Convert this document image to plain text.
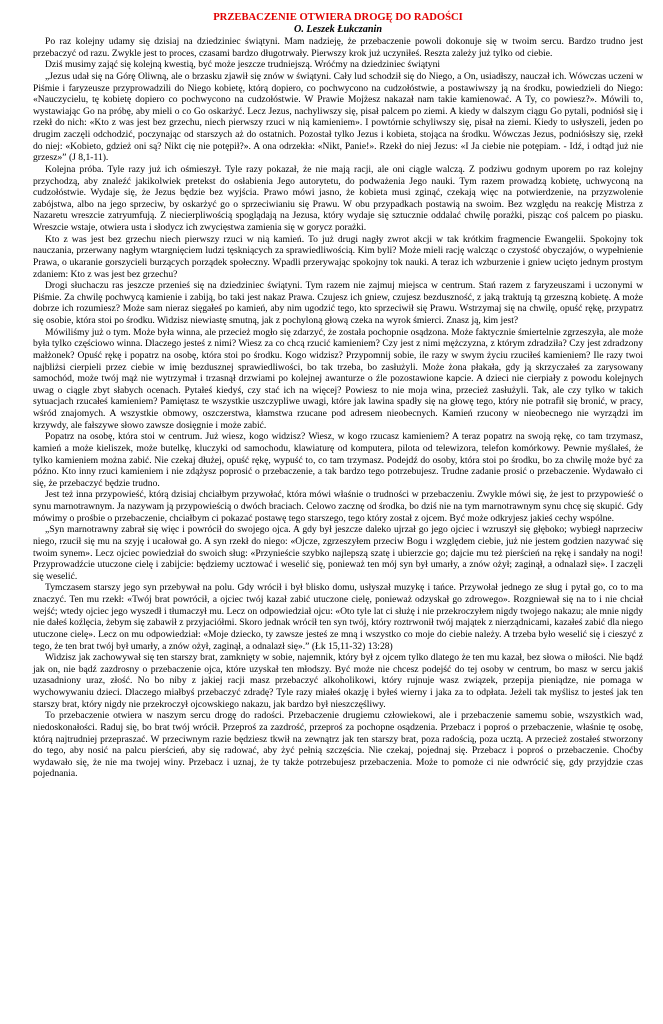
PRZEBACZENIE OTWIERA DROGĘ DO RADOŚCI
O. Leszek Łukczanin

Po raz kolejny udamy się dzisiaj na dziedziniec świątyni. Mam nadzieję, że przebaczenie powoli dokonuje się w twoim sercu. Bardzo trudno jest przebaczyć od razu. Zwykle jest to proces, czasami bardzo długotrwały. Pierwszy krok już uczyniłeś. Reszta zależy już tylko od ciebie.

Dziś musimy zająć się kolejną kwestią, być może jeszcze trudniejszą. Wróćmy na dziedziniec świątyni

„Jezus udał się na Górę Oliwną, ale o brzasku zjawił się znów w świątyni. Cały lud schodził się do Niego, a On, usiadłszy, nauczał ich. Wówczas uczeni w Piśmie i faryzeusze przyprowadzili do Niego kobietę, którą dopiero, co pochwycono na cudzołóstwie, a postawiwszy ją na środku, powiedzieli do Niego: «Nauczycielu, tę kobietę dopiero co pochwycono na cudzołóstwie. W Prawie Mojżesz nakazał nam takie kamienować. A Ty, co powiesz?». Mówili to, wystawiając Go na próbę, aby mieli o co Go oskarżyć. Lecz Jezus, nachyliwszy się, pisał palcem po ziemi. A kiedy w dalszym ciągu Go pytali, podniósł się i rzekł do nich: «Kto z was jest bez grzechu, niech pierwszy rzuci w nią kamieniem». I powtórnie schyliwszy się, pisał na ziemi. Kiedy to usłyszeli, jeden po drugim zaczęli odchodzić, poczynając od starszych aż do ostatnich. Pozostał tylko Jezus i kobieta, stojąca na środku. Wówczas Jezus, podniósłszy się, rzekł do niej: «Kobieto, gdzież oni są? Nikt cię nie potępił?». A ona odrzekła: «Nikt, Panie!». Rzekł do niej Jezus: «I Ja ciebie nie potępiam. - Idź, i odtąd już nie grzesz»” (J 8,1-11).

Kolejna próba. Tyle razy już ich ośmieszył. Tyle razy pokazał, że nie mają racji, ale oni ciągle walczą. Z podziwu godnym uporem po raz kolejny przychodzą, aby znaleźć jakikolwiek pretekst do osłabienia Jego autorytetu, do podważenia Jego nauki. Tym razem prowadzą kobietę, uchwyconą na cudzołóstwie. Wydaje się, że Jezus będzie bez wyjścia. Prawo mówi jasno, że kobieta musi zginąć, czekają więc na potwierdzenie, na przyzwolenie zabójstwa, albo na jego sprzeciw, by oskarżyć go o sprzeciwianiu się Prawu. W obu przypadkach postawią na swoim. Bez względu na reakcję Mistrza z Nazaretu wreszcie zatryumfują. Z niecierpliwością spoglądają na Jezusa, który wydaje się sztucznie oddalać chwilę porażki, pisząc coś palcem po piasku. Wreszcie wstaje, otwiera usta i słodycz ich zwycięstwa zamienia się w gorycz porażki.

Kto z was jest bez grzechu niech pierwszy rzuci w nią kamień. To już drugi nagły zwrot akcji w tak krótkim fragmencie Ewangelii. Spokojny tok nauczania, przerwany nagłym wtargnięciem ludzi tęskniących za sprawiedliwością. Kim byli? Może mieli rację walcząc o czystość obyczajów, o wypełnienie Prawa, o ukaranie gorszycieli burzących porządek społeczny. Wpadli przerywając spokojny tok nauki. A teraz ich wzburzenie i gniew ucięto jednym prostym zdaniem: Kto z was jest bez grzechu?

Drogi słuchaczu ras jeszcze przenieś się na dziedziniec świątyni. Tym razem nie zajmuj miejsca w centrum. Stań razem z faryzeuszami i uczonymi w Piśmie. Za chwilę pochwycą kamienie i zabiją, bo taki jest nakaz Prawa. Czujesz ich gniew, czujesz bezduszność, z jaką traktują tą grzeszną kobietę. A może dobrze ich rozumiesz? Może sam nieraz sięgałeś po kamień, aby nim ugodzić tego, kto sprzeciwił się Prawu. Wstrzymaj się na chwilę, opuść rękę, przypatrz się osobie, która stoi po środku. Widzisz niewiastę smutną, jak z pochyloną głową czeka na wyrok śmierci. Znasz ją, kim jest?

Mówiliśmy już o tym. Może była winna, ale przecież mogło się zdarzyć, że została pochopnie osądzona. Może faktycznie śmiertelnie zgrzeszyła, ale może była tylko częściowo winna. Dlaczego jesteś z nimi? Wiesz za co chcą rzucić kamieniem? Czy jest z nimi mężczyzna, z którym zdradziła? Czy jest zdradzony małżonek? Opuść rękę i popatrz na osobę, która stoi po środku. Kogo widzisz? Przypomnij sobie, ile razy w swym życiu rzuciłeś kamieniem? Ile razy twoi najbliżsi cierpieli przez ciebie w imię bezdusznej sprawiedliwości, bo tak trzeba, bo zasłużyli. Może żona płakała, gdy ją skrzyczałeś za zarysowany samochód, może twój mąż nie wytrzymał i trzasnął drzwiami po kolejnej awanturze o źle pozostawione kapcie. A dzieci nie cierpiały z powodu kolejnych uwag o ciągle zbyt słabych ocenach. Pytałeś kiedyś, czy stać ich na więcej? Powiesz to nie moja wina, przecież zasłużyli. Tak, ale czy tylko w takich sytuacjach rzucałeś kamieniem? Pamiętasz te wszystkie uszczypliwe uwagi, które jak lawina spadły się na głowę tego, który nie potrafił się bronić, w pracy, wśród znajomych. A wszystkie obmowy, oszczerstwa, kłamstwa rzucane pod adresem nieobecnych. Kamień rzucony w nieobecnego nie wyrządzi im krzywdy, ale fałszywe słowo zawsze dosięgnie i może zabić.

Popatrz na osobę, która stoi w centrum. Już wiesz, kogo widzisz? Wiesz, w kogo rzucasz kamieniem? A teraz popatrz na swoją rękę, co tam trzymasz, kamień a może kieliszek, może butelkę, kluczyki od samochodu, klawiaturę od komputera, pilota od telewizora, telefon komórkowy. Pewnie myślałeś, że tylko kamieniem można zabić. Nie czekaj dłużej, opuść rękę, wypuść to, co tam trzymasz. Podejdź do osoby, która stoi po środku, bo za chwilę może być za późno. Kto inny rzuci kamieniem i nie zdążysz poprosić o przebaczenie, a tak bardzo tego potrzebujesz. Trudne zadanie prosić o przebaczenie. Wydawało ci się, że przebaczyć będzie trudno.

Jest też inna przypowieść, którą dzisiaj chciałbym przywołać, która mówi właśnie o trudności w przebaczeniu. Zwykle mówi się, że jest to przypowieść o synu marnotrawnym. Ja nazywam ją przypowieścią o dwóch braciach. Celowo zacznę od środka, bo dziś nie na tym marnotrawnym synu chcę się skupić. Gdy mówimy o prośbie o przebaczenie, chciałbym ci pokazać postawę tego starszego, tego który został z ojcem. Być może odkryjesz jakieś cechy wspólne.

„Syn marnotrawny zabrał się więc i powrócił do swojego ojca. A gdy był jeszcze daleko ujrzał go jego ojciec i wzruszył się głęboko; wybiegł naprzeciw niego, rzucił się mu na szyję i ucałował go. A syn rzekł do niego: «Ojcze, zgrzeszyłem przeciw Bogu i względem ciebie, już nie jestem godzien nazywać się twoim synem». Lecz ojciec powiedział do swoich sług: «Przynieście szybko najlepszą szatę i ubierzcie go; dajcie mu też pierścień na rękę i sandały na nogi! Przyprowadźcie utuczone cielę i zabijcie: będziemy ucztować i weselić się, ponieważ ten mój syn był umarły, a znów ożył; zaginął, a odnalazł się». I zaczęli się weselić.

Tymczasem starszy jego syn przebywał na polu. Gdy wrócił i był blisko domu, usłyszał muzykę i tańce. Przywołał jednego ze sług i pytał go, co to ma znaczyć. Ten mu rzekł: «Twój brat powrócił, a ojciec twój kazał zabić utuczone cielę, ponieważ odzyskał go zdrowego». Rozgniewał się na to i nie chciał wejść; wtedy ojciec jego wyszedł i tłumaczył mu. Lecz on odpowiedział ojcu: «Oto tyle lat ci służę i nie przekroczyłem nigdy twojego nakazu; ale mnie nigdy nie dałeś koźlęcia, żebym się zabawił z przyjaciółmi. Skoro jednak wrócił ten syn twój, który roztrwonił twój majątek z nierządnicami, kazałeś zabić dla niego utuczone cielę». Lecz on mu odpowiedział: «Moje dziecko, ty zawsze jesteś ze mną i wszystko co moje do ciebie należy. A trzeba było weselić się i cieszyć z tego, że ten brat twój był umarły, a znów ożył, zaginął, a odnalazł się».” (Łk 15,11-32) 13:28)

Widzisz jak zachowywał się ten starszy brat, zamknięty w sobie, najemnik, który był z ojcem tylko dlatego że ten mu kazał, bez słowa o miłości. Nie bądź jak on, nie bądź zazdrosny o przebaczenie ojca, które uzyskał ten młodszy. Być może nie chcesz podejść do tej osoby w centrum, bo masz w sercu jakiś uzasadniony uraz, złość. No bo niby z jakiej racji masz przebaczyć alkoholikowi, który rujnuje wasz związek, przepija pieniądze, nie pomaga w wychowywaniu dzieci. Dlaczego miałbyś przebaczyć zdradę? Tyle razy miałeś okazję i byłeś wierny i jaka za to odpłata. Jeżeli tak myślisz to jesteś jak ten starszy brat, który nigdy nie przekroczył ojcowskiego nakazu, jak bardzo był nieszczęśliwy.

To przebaczenie otwiera w naszym sercu drogę do radości. Przebaczenie drugiemu człowiekowi, ale i przebaczenie samemu sobie, wszystkich wad, niedoskonałości. Raduj się, bo brat twój wrócił. Przeproś za zazdrość, przeproś za pochopne osądzenia. Przebacz i poproś o przebaczenie, właśnie tę osobę, którą najtrudniej przepraszać. W przeciwnym razie będziesz tkwił na zewnątrz jak ten starszy brat, poza radością, poza ucztą. A przecież zostałeś stworzony do tego, aby nosić na palcu pierścień, aby się radować, aby żyć pełnią szczęścia. Nie czekaj, pojednaj się. Przebacz i poproś o przebaczenie. Choćby wydawało się, że nie ma twojej winy. Przebacz i uznaj, że ty także potrzebujesz przebaczenia. Może to pomoże ci nie odwrócić się, gdy przyjdzie czas pojednania.
